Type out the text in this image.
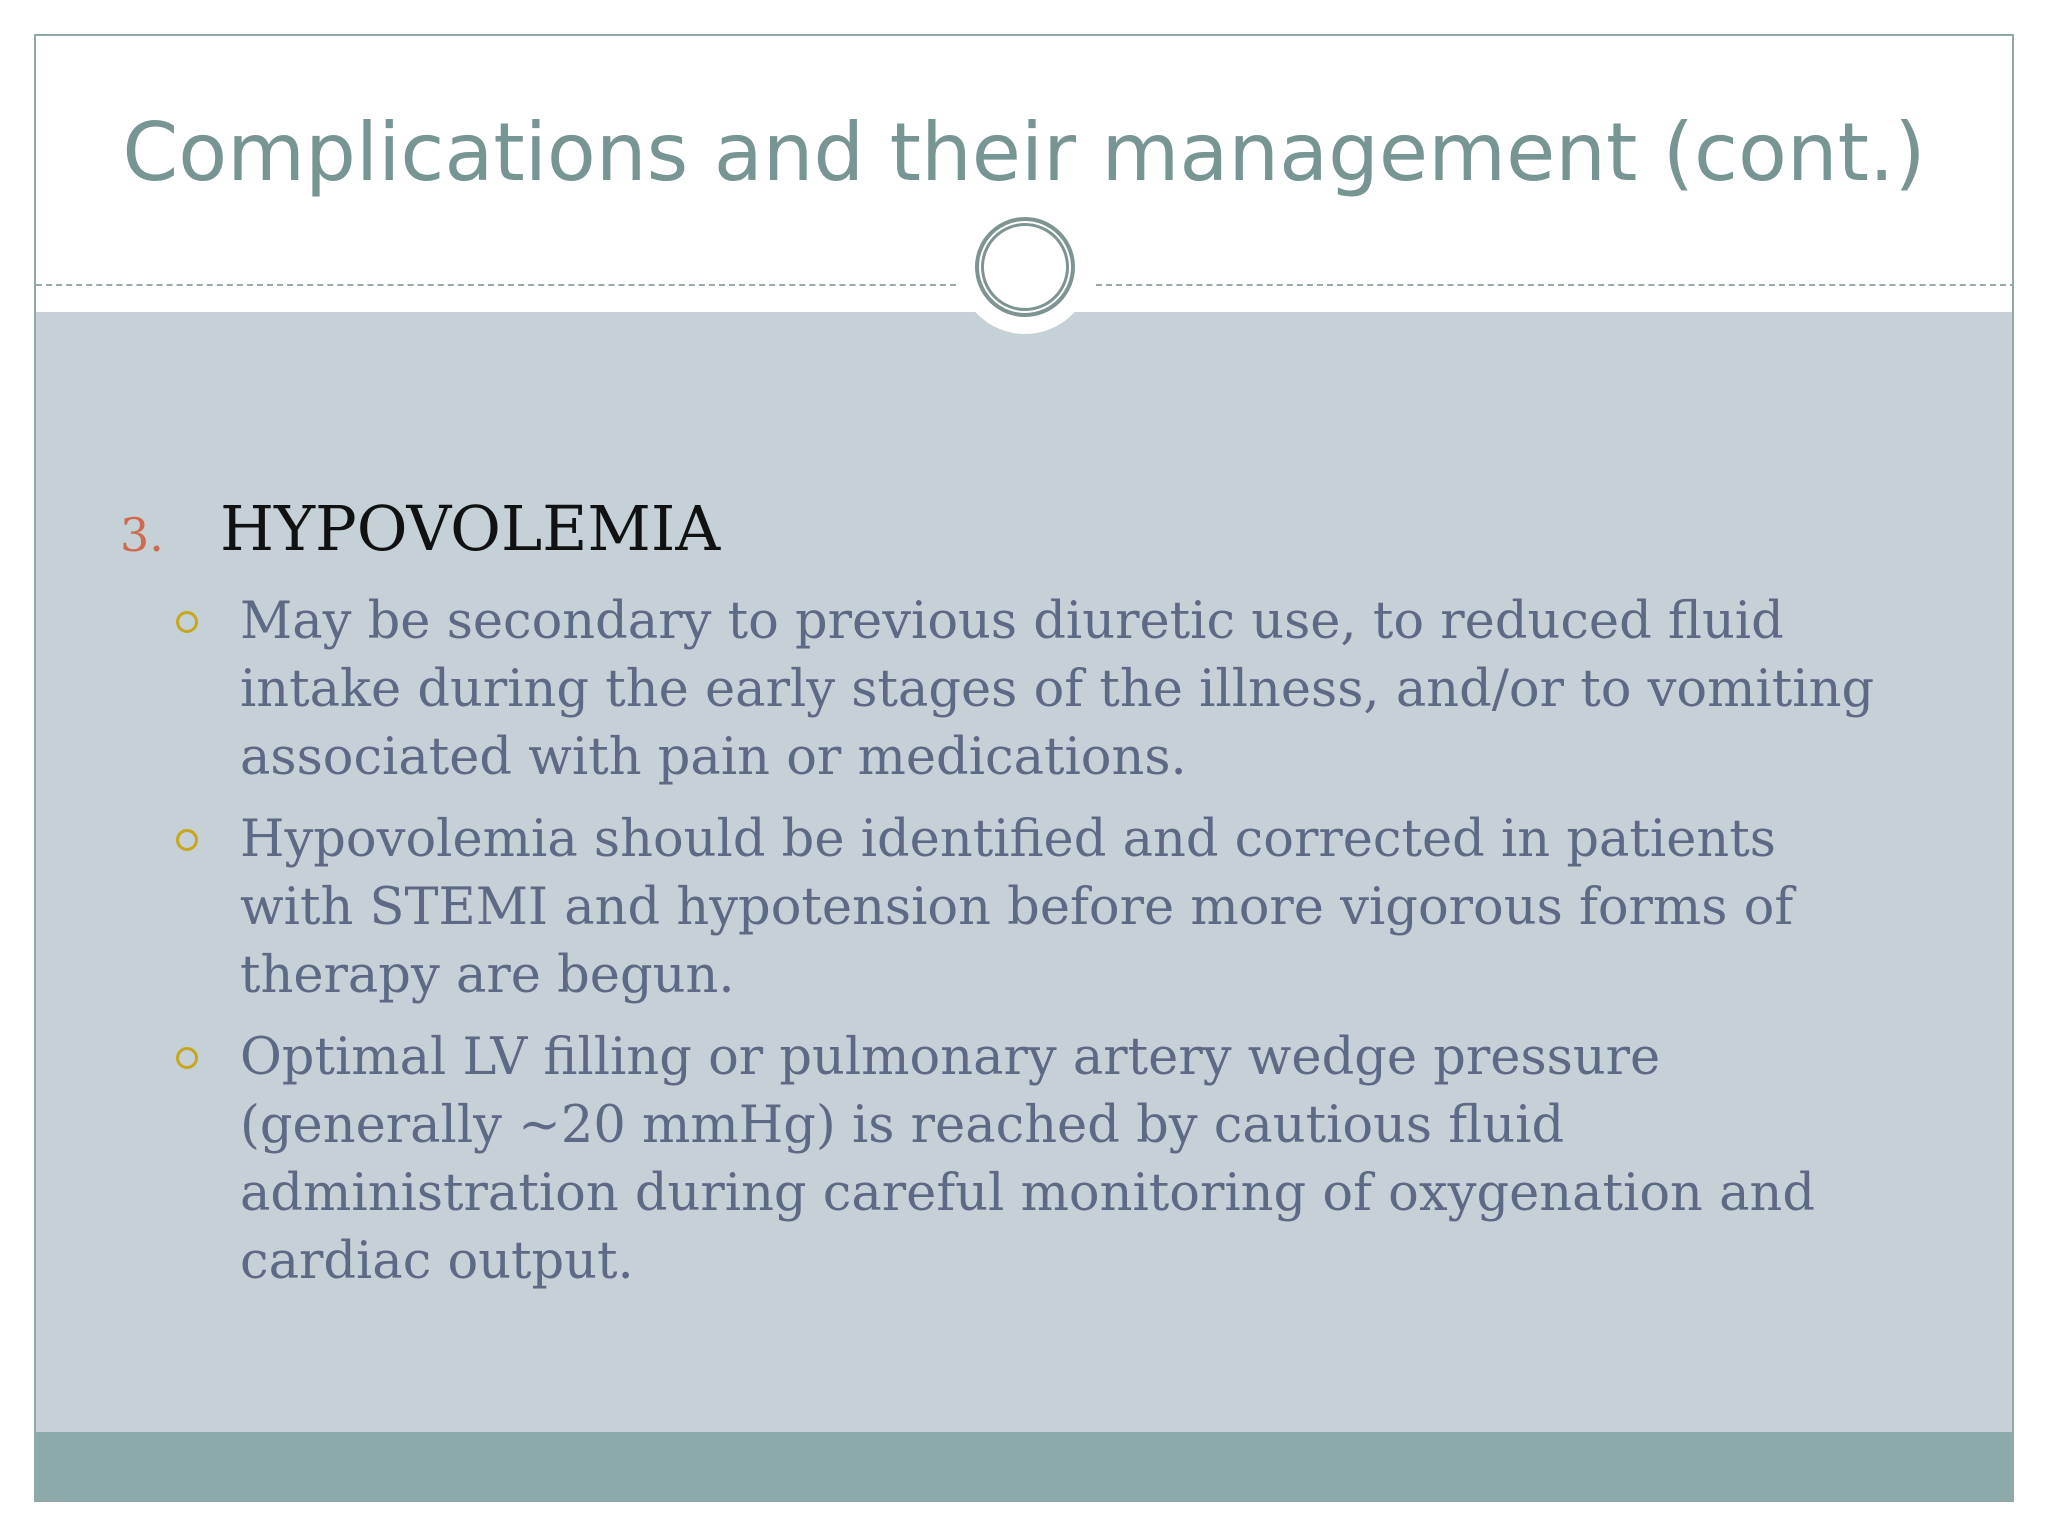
Complications and their management (cont.)
3. HYPOVOLEMIA
May be secondary to previous diuretic use, to reduced fluid intake during the early stages of the illness, and/or to vomiting associated with pain or medications.
Hypovolemia should be identified and corrected in patients with STEMI and hypotension before more vigorous forms of therapy are begun.
Optimal LV filling or pulmonary artery wedge pressure (generally ~20 mmHg) is reached by cautious fluid administration during careful monitoring of oxygenation and cardiac output.
